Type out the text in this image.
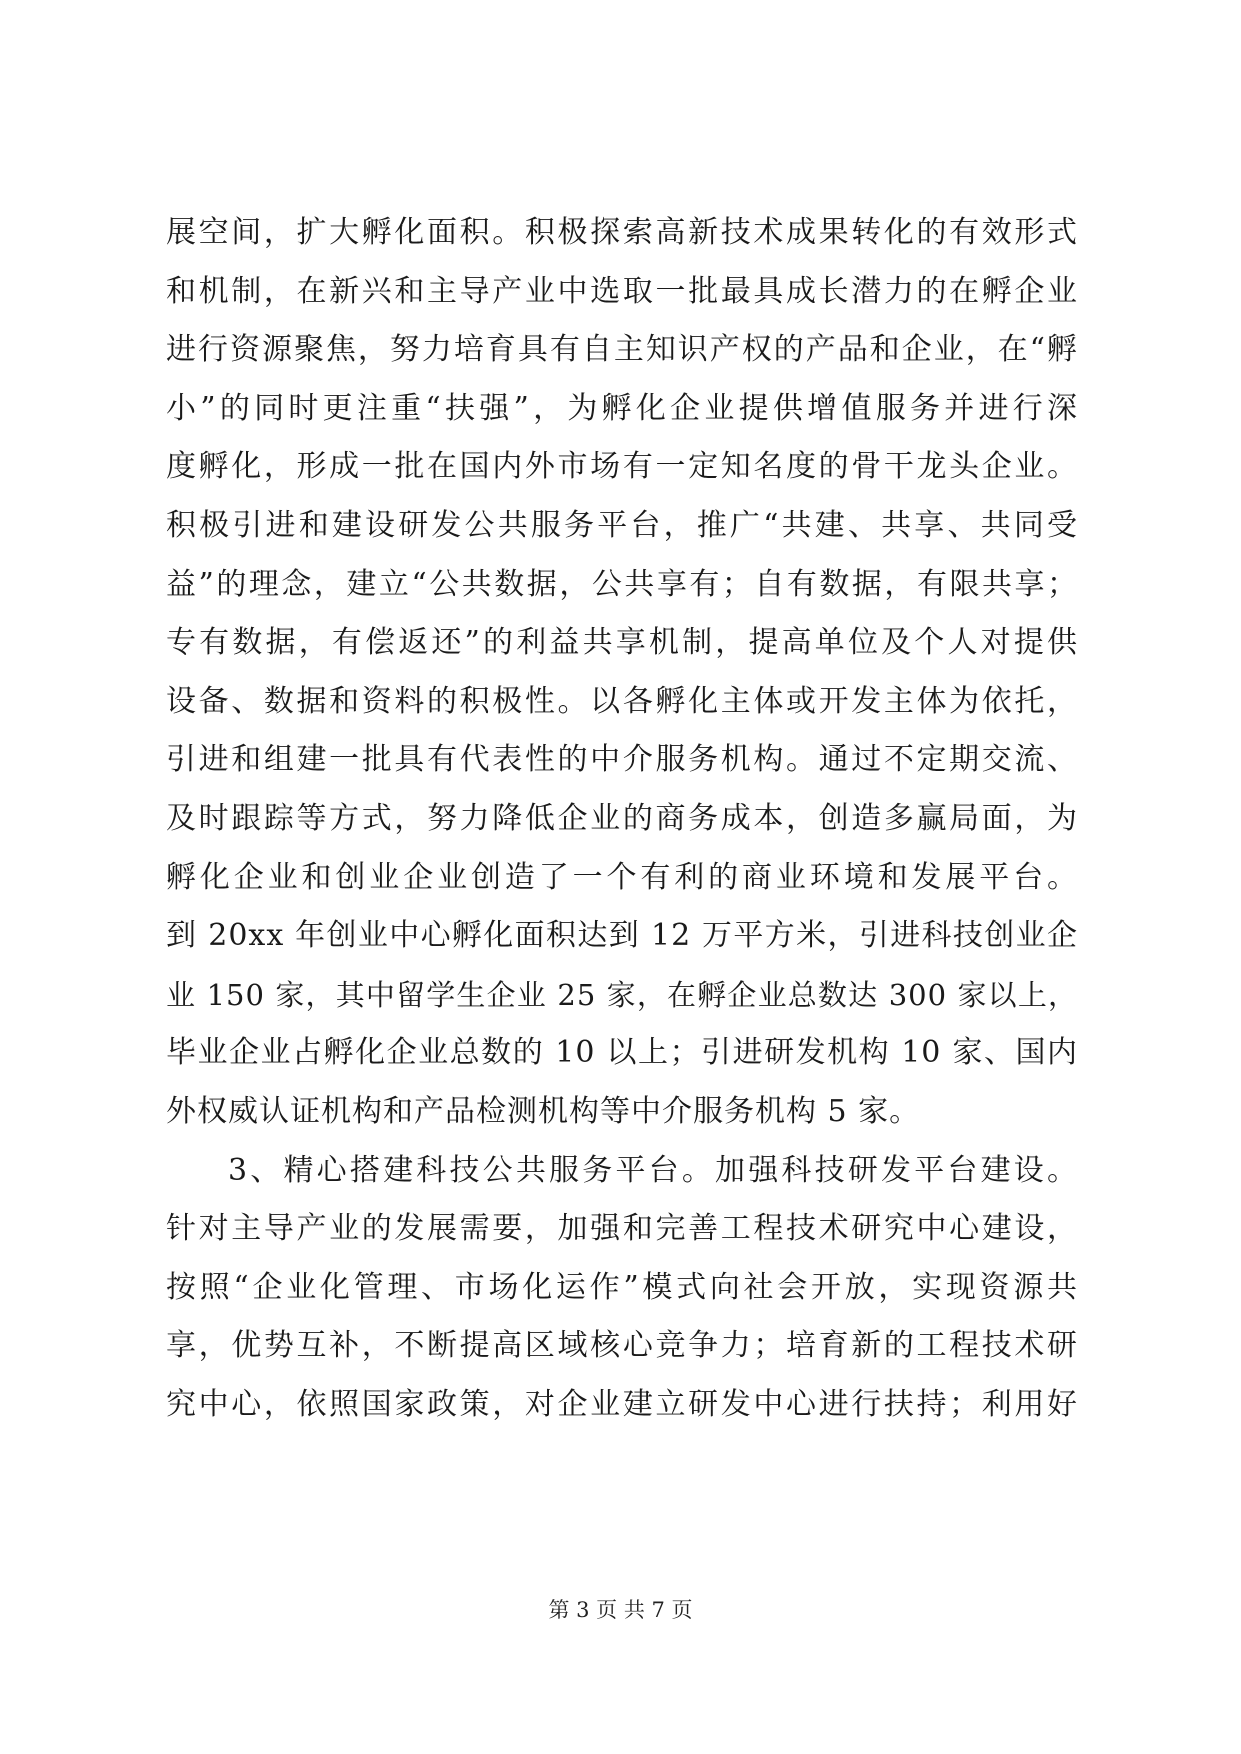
展空间，扩大孵化面积。积极探索高新技术成果转化的有效形式
和机制，在新兴和主导产业中选取一批最具成长潜力的在孵企业
进行资源聚焦，努力培育具有自主知识产权的产品和企业，在“孵
小”的同时更注重“扶强”，为孵化企业提供增值服务并进行深
度孵化，形成一批在国内外市场有一定知名度的骨干龙头企业。
积极引进和建设研发公共服务平台，推广“共建、共享、共同受
益”的理念，建立“公共数据，公共享有；自有数据，有限共享；
专有数据，有偿返还”的利益共享机制，提高单位及个人对提供
设备、数据和资料的积极性。以各孵化主体或开发主体为依托，
引进和组建一批具有代表性的中介服务机构。通过不定期交流、
及时跟踪等方式，努力降低企业的商务成本，创造多赢局面，为
孵化企业和创业企业创造了一个有利的商业环境和发展平台。
到 20xx 年创业中心孵化面积达到 12 万平方米，引进科技创业企
业 150 家，其中留学生企业 25 家，在孵企业总数达 300 家以上，
毕业企业占孵化企业总数的 10 以上；引进研发机构 10 家、国内
外权威认证机构和产品检测机构等中介服务机构 5 家。
3、精心搭建科技公共服务平台。加强科技研发平台建设。
针对主导产业的发展需要，加强和完善工程技术研究中心建设，
按照“企业化管理、市场化运作”模式向社会开放，实现资源共
享，优势互补，不断提高区域核心竞争力；培育新的工程技术研
究中心，依照国家政策，对企业建立研发中心进行扶持；利用好
第 3 页 共 7 页
